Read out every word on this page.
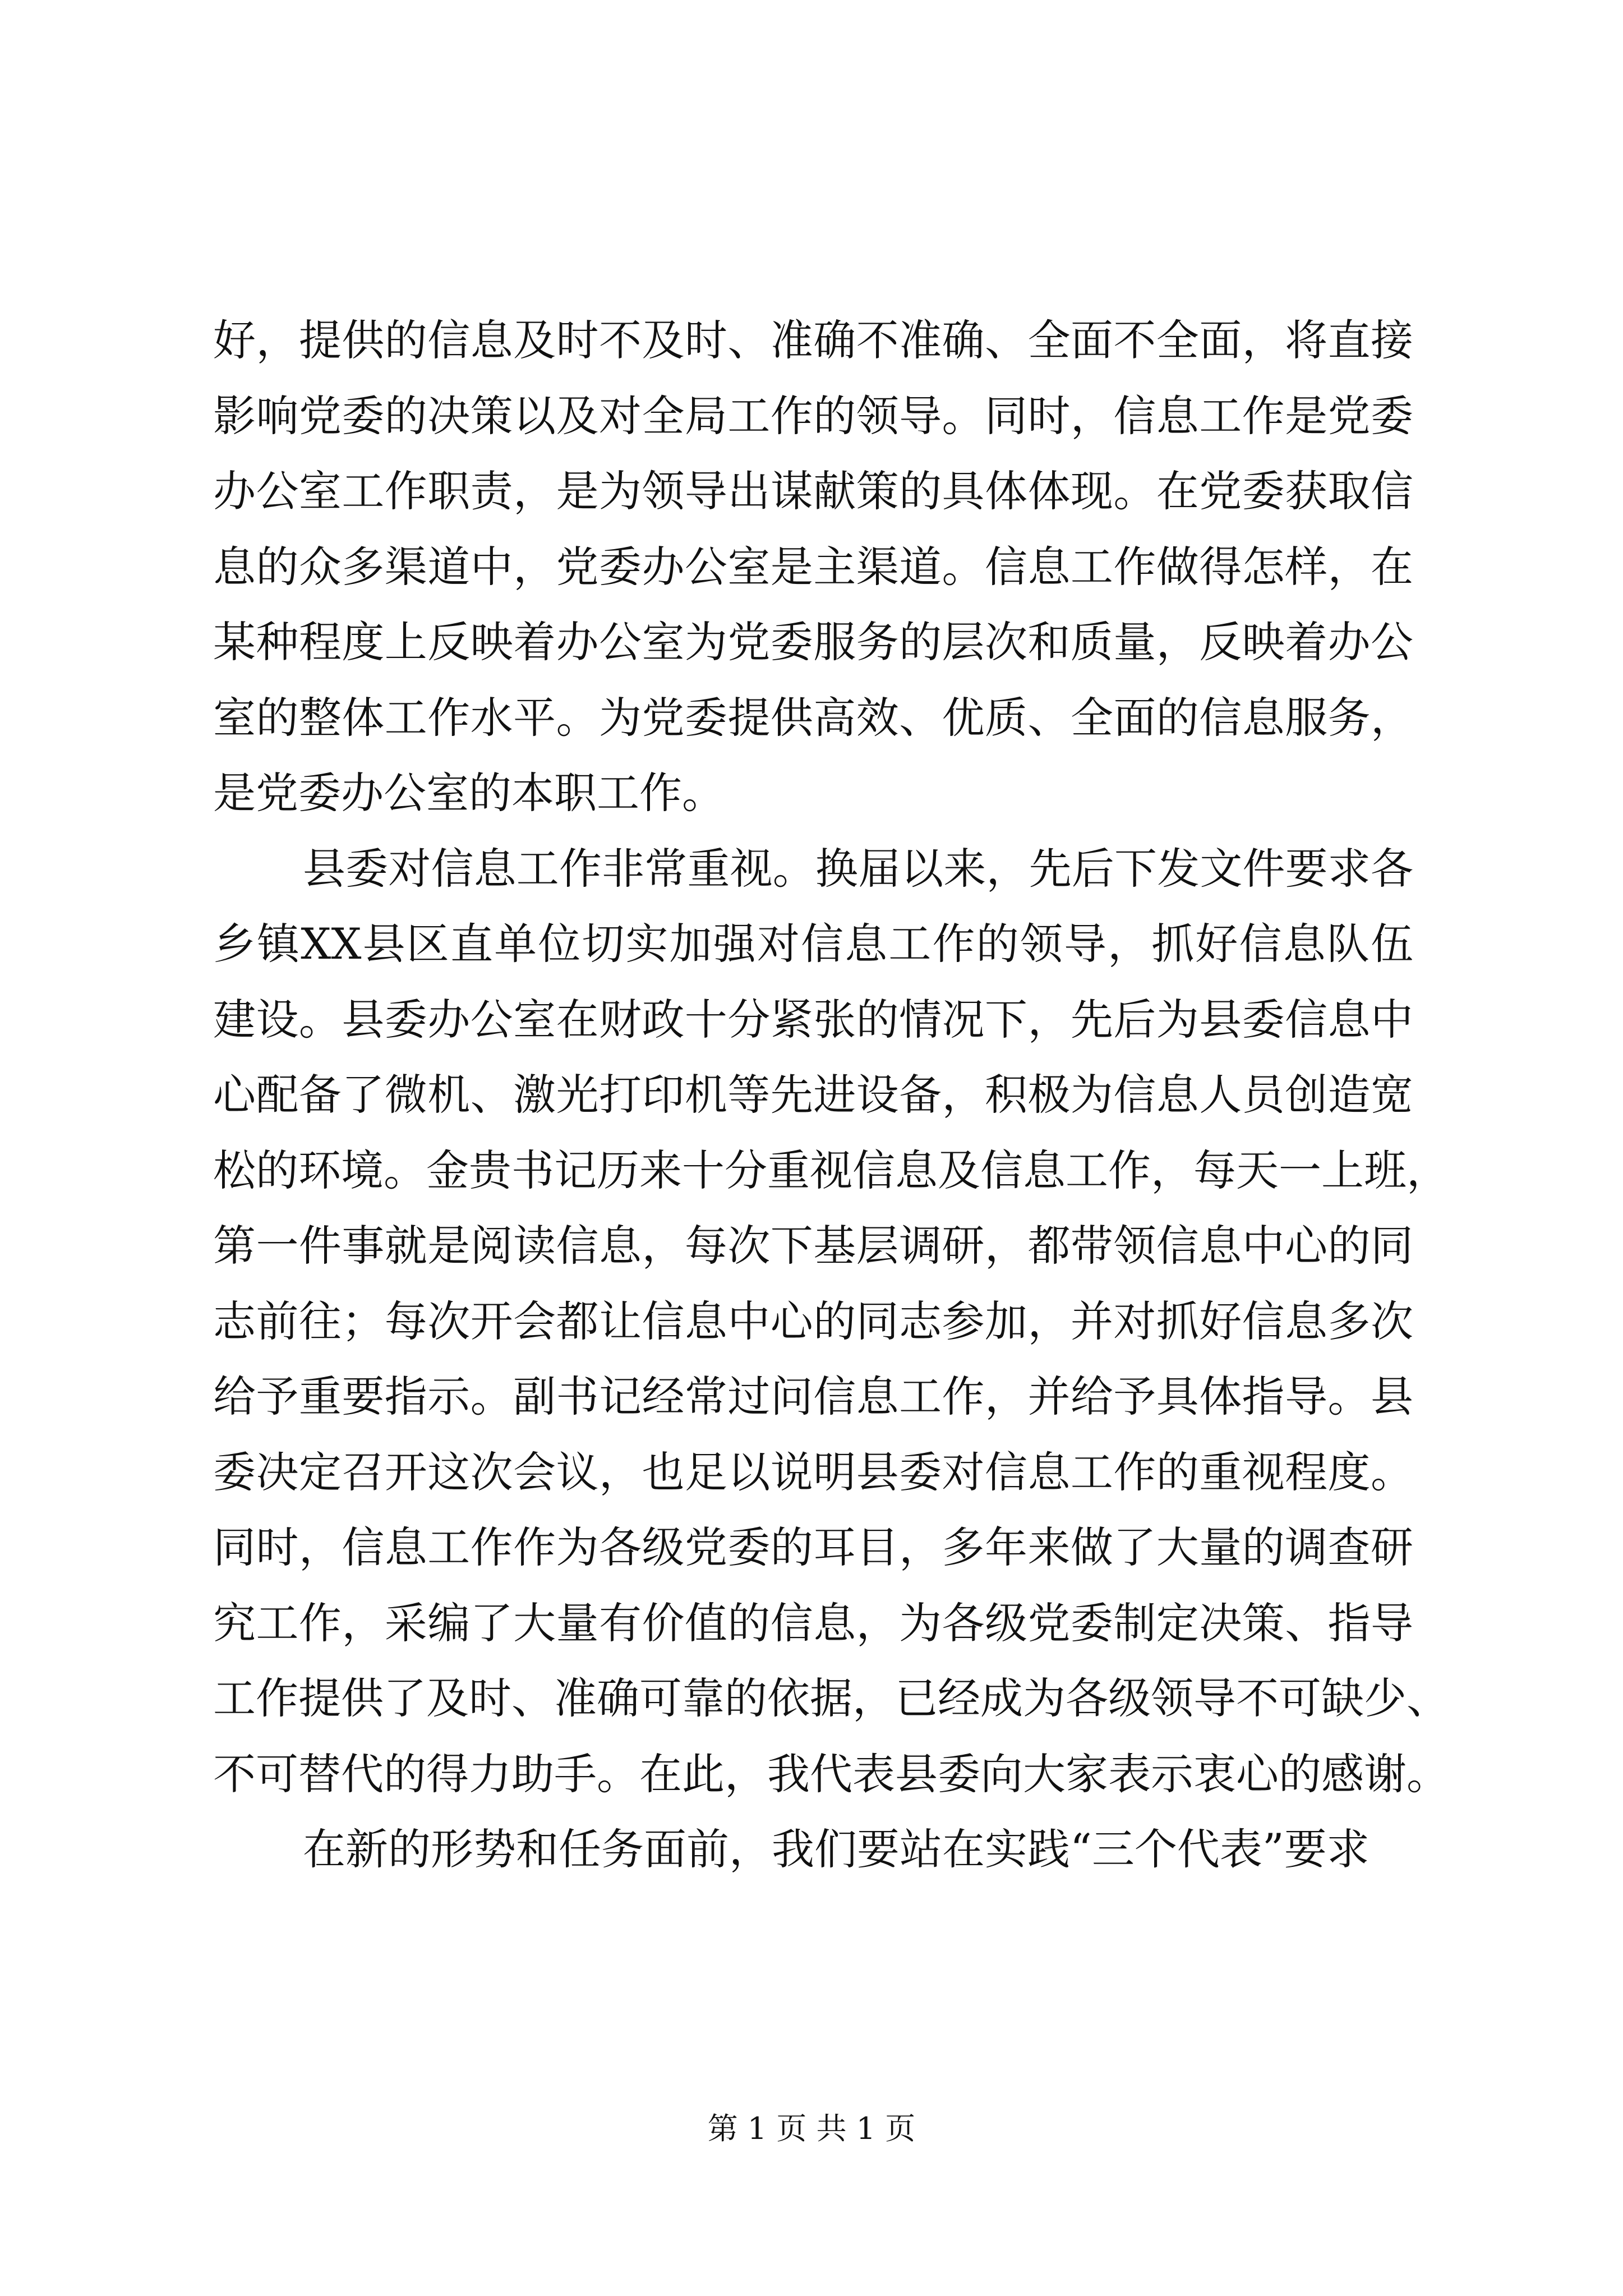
好，提供的信息及时不及时、准确不准确、全面不全面，将直接
影响党委的决策以及对全局工作的领导。同时，信息工作是党委
办公室工作职责，是为领导出谋献策的具体体现。在党委获取信
息的众多渠道中，党委办公室是主渠道。信息工作做得怎样，在
某种程度上反映着办公室为党委服务的层次和质量，反映着办公
室的整体工作水平。为党委提供高效、优质、全面的信息服务，
是党委办公室的本职工作。
县委对信息工作非常重视。换届以来，先后下发文件要求各
乡镇XX县区直单位切实加强对信息工作的领导，抓好信息队伍
建设。县委办公室在财政十分紧张的情况下，先后为县委信息中
心配备了微机、激光打印机等先进设备，积极为信息人员创造宽
松的环境。金贵书记历来十分重视信息及信息工作，每天一上班，
第一件事就是阅读信息，每次下基层调研，都带领信息中心的同
志前往；每次开会都让信息中心的同志参加，并对抓好信息多次
给予重要指示。副书记经常过问信息工作，并给予具体指导。县
委决定召开这次会议，也足以说明县委对信息工作的重视程度。
同时，信息工作作为各级党委的耳目，多年来做了大量的调查研
究工作，采编了大量有价值的信息，为各级党委制定决策、指导
工作提供了及时、准确可靠的依据，已经成为各级领导不可缺少、
不可替代的得力助手。在此，我代表县委向大家表示衷心的感谢。
在新的形势和任务面前，我们要站在实践“三个代表”要求
第 1 页 共 1 页
